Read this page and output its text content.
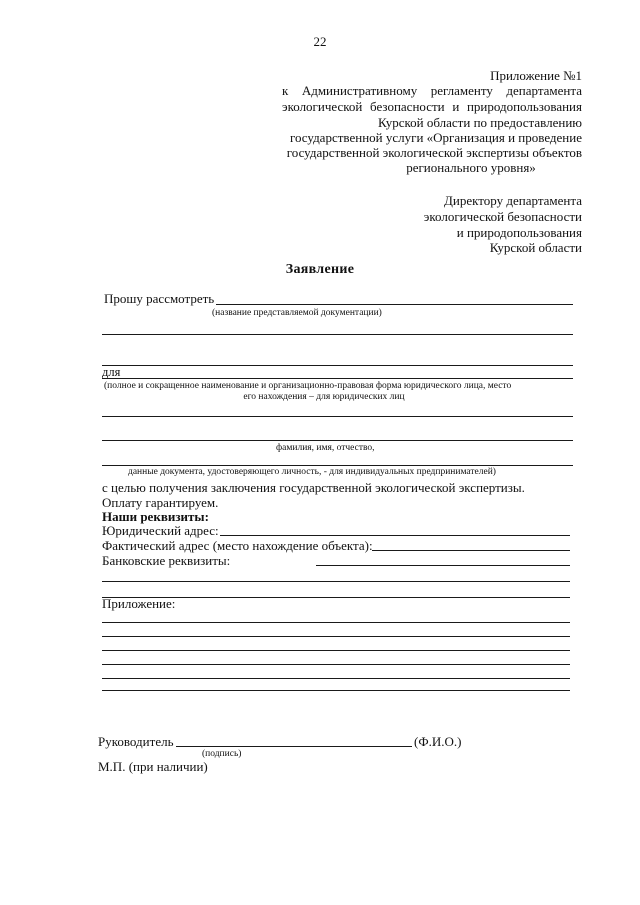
22
Приложение №1
к Административному регламенту департамента
экологической безопасности и природопользования
Курской области по предоставлению
государственной услуги «Организация и проведение
государственной экологической экспертизы объектов
регионального уровня»
Директору департамента
экологической безопасности
и природопользования
Курской области
Заявление
Прошу рассмотреть
(название представляемой документации)
для
(полное и сокращенное наименование и организационно-правовая форма юридического лица, место
его нахождения – для юридических лиц
фамилия, имя, отчество,
данные документа, удостоверяющего личность, - для индивидуальных предпринимателей)
с целью получения заключения государственной экологической экспертизы.
Оплату гарантируем.
Наши реквизиты:
Юридический адрес:
Фактический адрес (место нахождение объекта):
Банковские реквизиты:
Приложение:
Руководитель	(Ф.И.О.)
(подпись)
М.П. (при наличии)
